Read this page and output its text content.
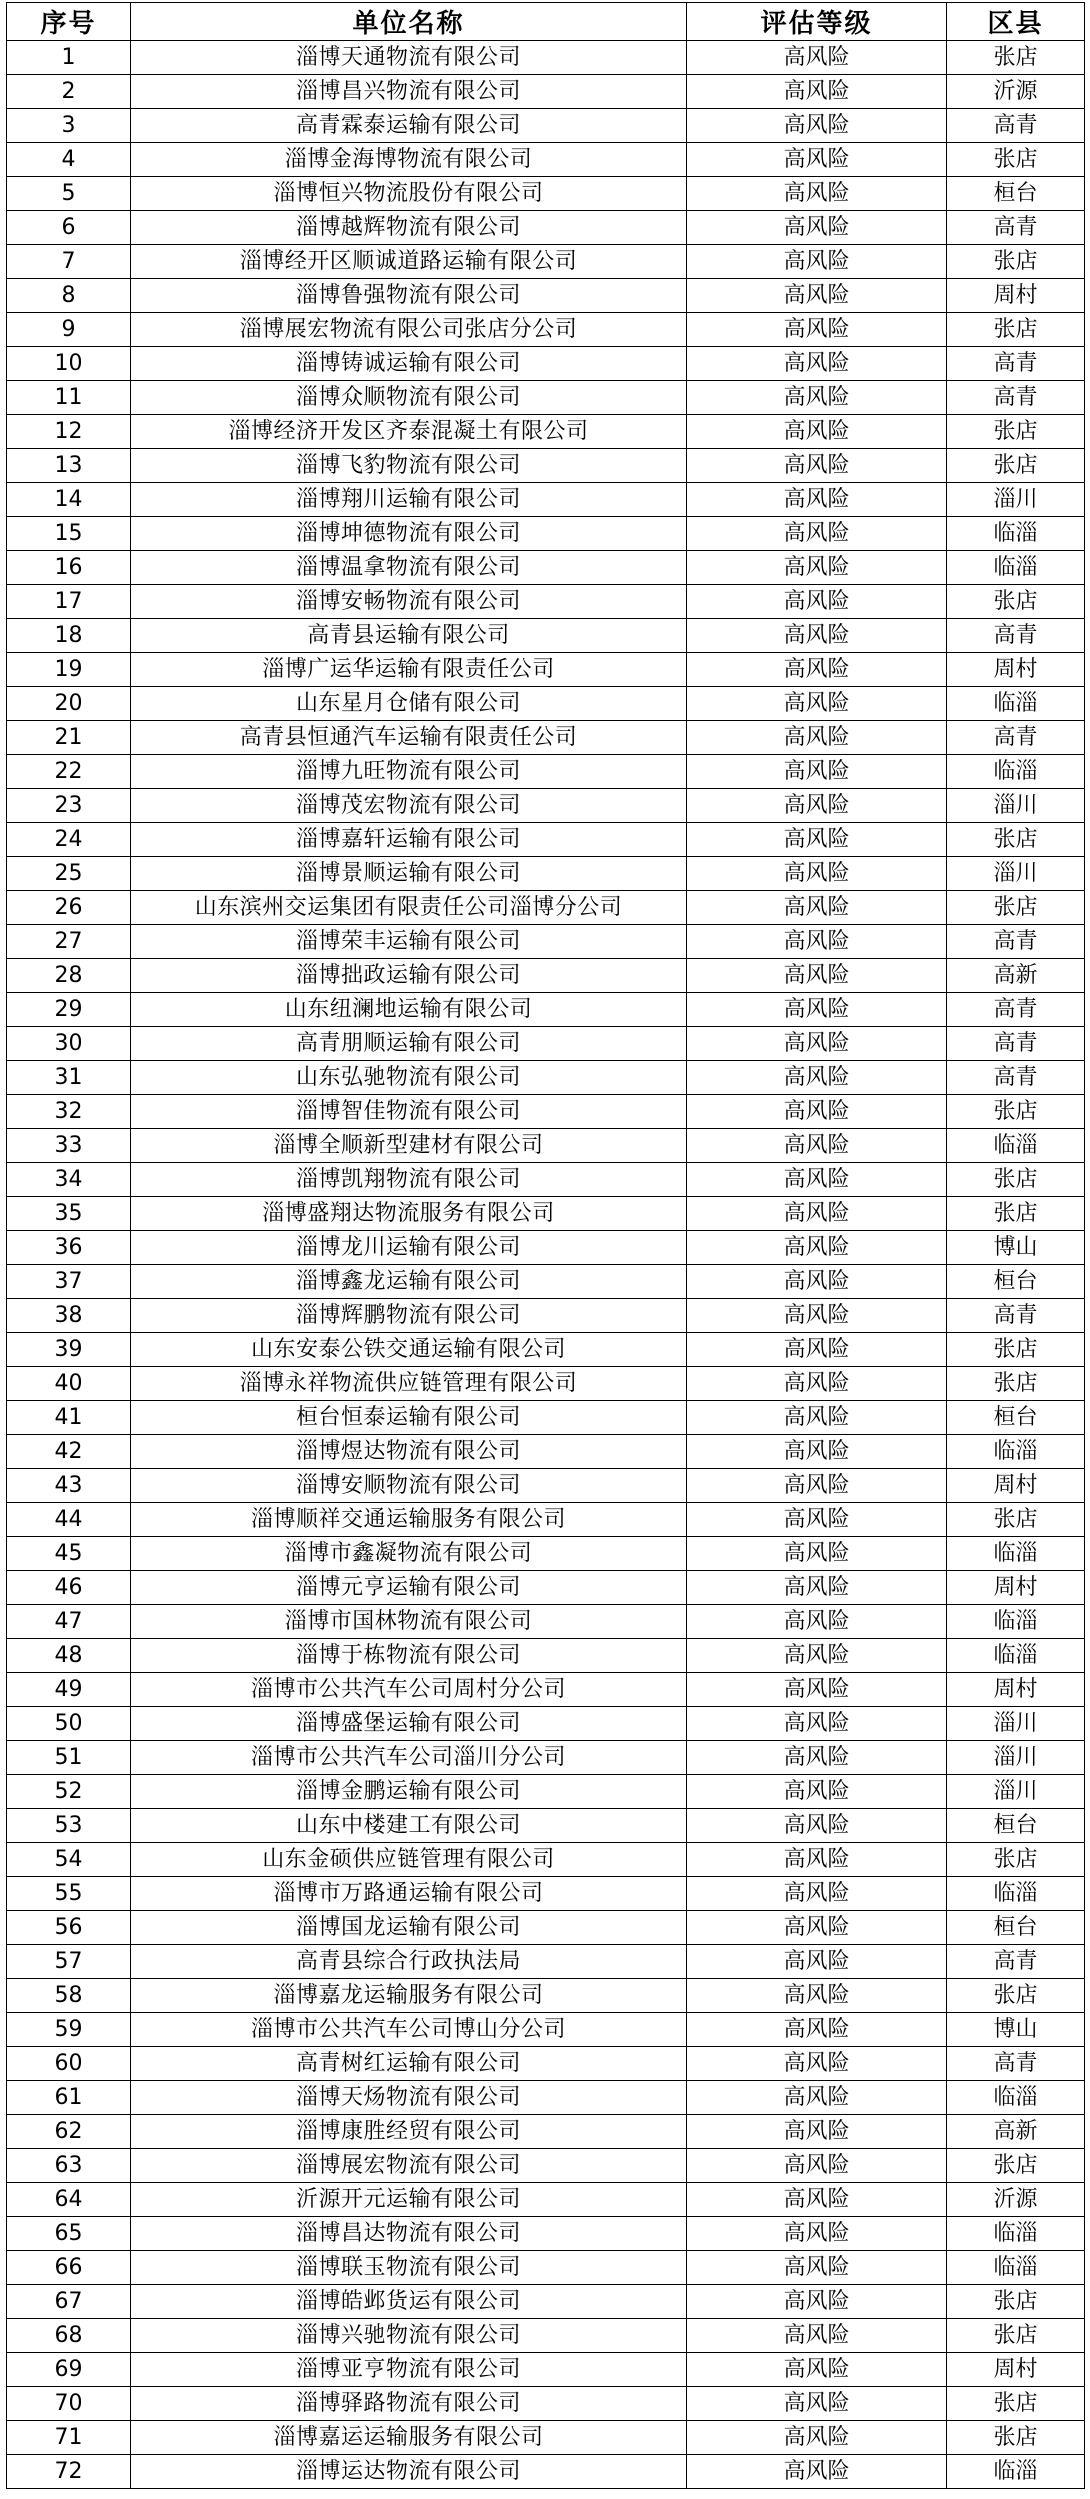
序号	单位名称	评估等级	区县
1	淄博天通物流有限公司	高风险	张店
2	淄博昌兴物流有限公司	高风险	沂源
3	高青霖泰运输有限公司	高风险	高青
4	淄博金海博物流有限公司	高风险	张店
5	淄博恒兴物流股份有限公司	高风险	桓台
6	淄博越辉物流有限公司	高风险	高青
7	淄博经开区顺诚道路运输有限公司	高风险	张店
8	淄博鲁强物流有限公司	高风险	周村
9	淄博展宏物流有限公司张店分公司	高风险	张店
10	淄博铸诚运输有限公司	高风险	高青
11	淄博众顺物流有限公司	高风险	高青
12	淄博经济开发区齐泰混凝土有限公司	高风险	张店
13	淄博飞豹物流有限公司	高风险	张店
14	淄博翔川运输有限公司	高风险	淄川
15	淄博坤德物流有限公司	高风险	临淄
16	淄博温拿物流有限公司	高风险	临淄
17	淄博安畅物流有限公司	高风险	张店
18	高青县运输有限公司	高风险	高青
19	淄博广运华运输有限责任公司	高风险	周村
20	山东星月仓储有限公司	高风险	临淄
21	高青县恒通汽车运输有限责任公司	高风险	高青
22	淄博九旺物流有限公司	高风险	临淄
23	淄博茂宏物流有限公司	高风险	淄川
24	淄博嘉轩运输有限公司	高风险	张店
25	淄博景顺运输有限公司	高风险	淄川
26	山东滨州交运集团有限责任公司淄博分公司	高风险	张店
27	淄博荣丰运输有限公司	高风险	高青
28	淄博拙政运输有限公司	高风险	高新
29	山东纽澜地运输有限公司	高风险	高青
30	高青朋顺运输有限公司	高风险	高青
31	山东弘驰物流有限公司	高风险	高青
32	淄博智佳物流有限公司	高风险	张店
33	淄博全顺新型建材有限公司	高风险	临淄
34	淄博凯翔物流有限公司	高风险	张店
35	淄博盛翔达物流服务有限公司	高风险	张店
36	淄博龙川运输有限公司	高风险	博山
37	淄博鑫龙运输有限公司	高风险	桓台
38	淄博辉鹏物流有限公司	高风险	高青
39	山东安泰公铁交通运输有限公司	高风险	张店
40	淄博永祥物流供应链管理有限公司	高风险	张店
41	桓台恒泰运输有限公司	高风险	桓台
42	淄博煜达物流有限公司	高风险	临淄
43	淄博安顺物流有限公司	高风险	周村
44	淄博顺祥交通运输服务有限公司	高风险	张店
45	淄博市鑫凝物流有限公司	高风险	临淄
46	淄博元亨运输有限公司	高风险	周村
47	淄博市国林物流有限公司	高风险	临淄
48	淄博于栋物流有限公司	高风险	临淄
49	淄博市公共汽车公司周村分公司	高风险	周村
50	淄博盛堡运输有限公司	高风险	淄川
51	淄博市公共汽车公司淄川分公司	高风险	淄川
52	淄博金鹏运输有限公司	高风险	淄川
53	山东中楼建工有限公司	高风险	桓台
54	山东金硕供应链管理有限公司	高风险	张店
55	淄博市万路通运输有限公司	高风险	临淄
56	淄博国龙运输有限公司	高风险	桓台
57	高青县综合行政执法局	高风险	高青
58	淄博嘉龙运输服务有限公司	高风险	张店
59	淄博市公共汽车公司博山分公司	高风险	博山
60	高青树红运输有限公司	高风险	高青
61	淄博天炀物流有限公司	高风险	临淄
62	淄博康胜经贸有限公司	高风险	高新
63	淄博展宏物流有限公司	高风险	张店
64	沂源开元运输有限公司	高风险	沂源
65	淄博昌达物流有限公司	高风险	临淄
66	淄博联玉物流有限公司	高风险	临淄
67	淄博皓邺货运有限公司	高风险	张店
68	淄博兴驰物流有限公司	高风险	张店
69	淄博亚亨物流有限公司	高风险	周村
70	淄博驿路物流有限公司	高风险	张店
71	淄博嘉运运输服务有限公司	高风险	张店
72	淄博运达物流有限公司	高风险	临淄
